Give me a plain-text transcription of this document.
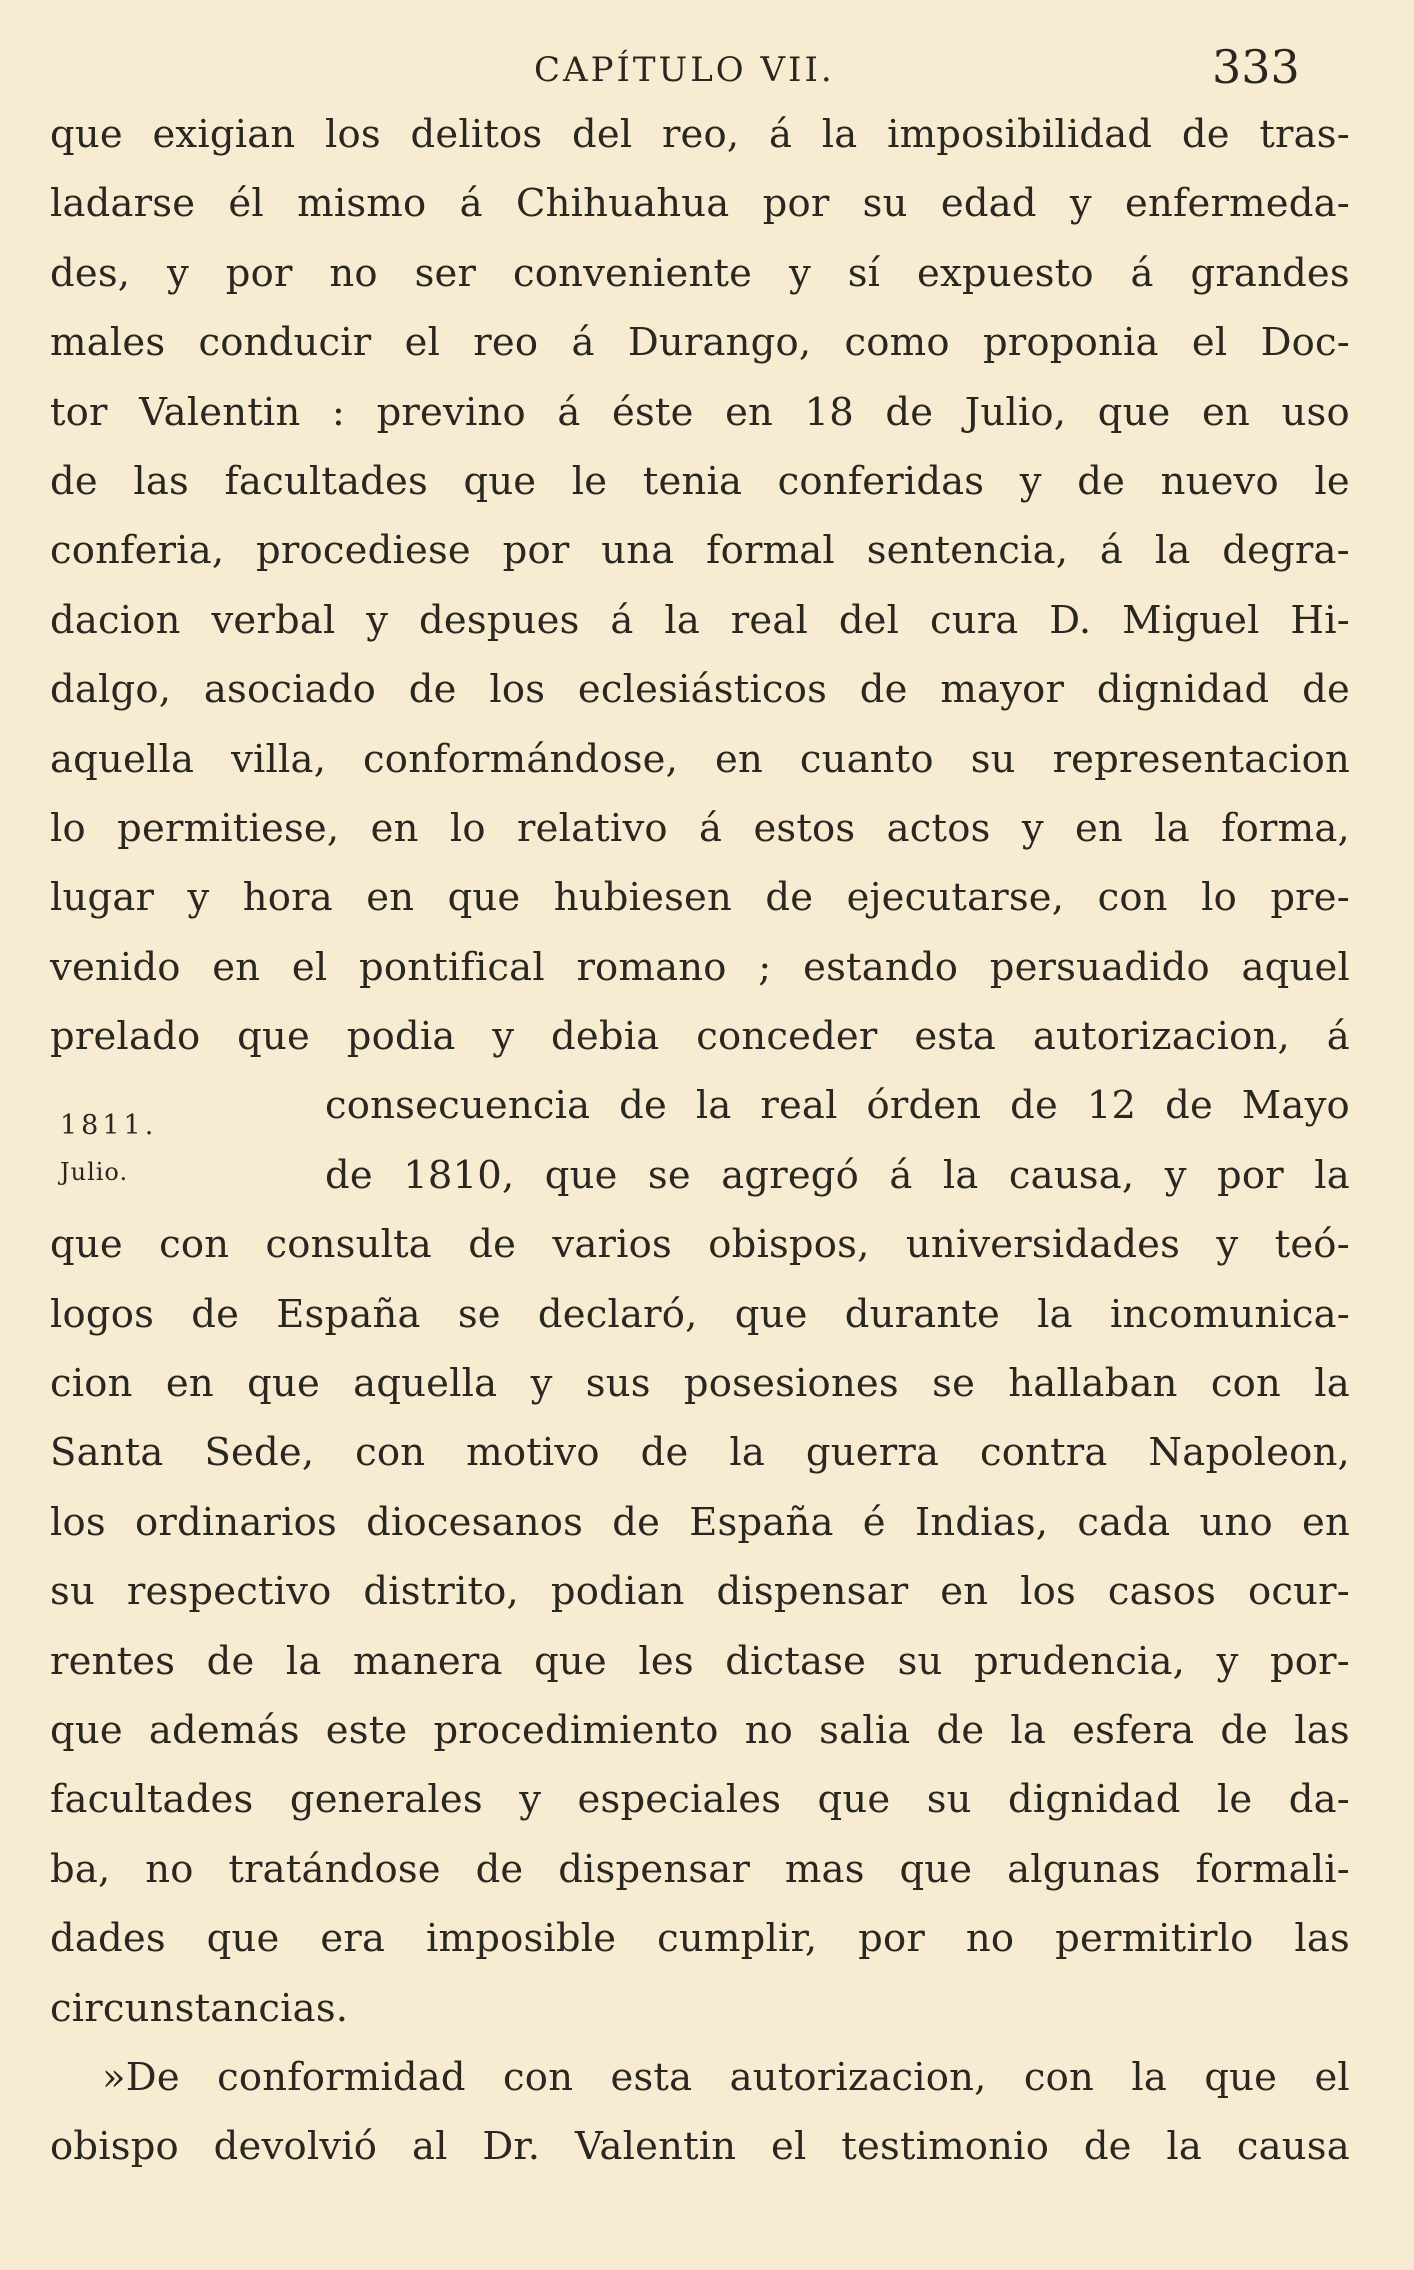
CAPÍTULO VII.	333
1811.
Julio.
que exigian los delitos del reo, á la imposibilidad de tras-
ladarse él mismo á Chihuahua por su edad y enfermeda-
des, y por no ser conveniente y sí expuesto á grandes
males conducir el reo á Durango, como proponia el Doc-
tor Valentin : previno á éste en 18 de Julio, que en uso
de las facultades que le tenia conferidas y de nuevo le
conferia, procediese por una formal sentencia, á la degra-
dacion verbal y despues á la real del cura D. Miguel Hi-
dalgo, asociado de los eclesiásticos de mayor dignidad de
aquella villa, conformándose, en cuanto su representacion
lo permitiese, en lo relativo á estos actos y en la forma,
lugar y hora en que hubiesen de ejecutarse, con lo pre-
venido en el pontifical romano ; estando persuadido aquel
prelado que podia y debia conceder esta autorizacion, á
consecuencia de la real órden de 12 de Mayo
de 1810, que se agregó á la causa, y por la
que con consulta de varios obispos, universidades y teó-
logos de España se declaró, que durante la incomunica-
cion en que aquella y sus posesiones se hallaban con la
Santa Sede, con motivo de la guerra contra Napoleon,
los ordinarios diocesanos de España é Indias, cada uno en
su respectivo distrito, podian dispensar en los casos ocur-
rentes de la manera que les dictase su prudencia, y por-
que además este procedimiento no salia de la esfera de las
facultades generales y especiales que su dignidad le da-
ba, no tratándose de dispensar mas que algunas formali-
dades que era imposible cumplir, por no permitirlo las
circunstancias.
»De conformidad con esta autorizacion, con la que el
obispo devolvió al Dr. Valentin el testimonio de la causa
